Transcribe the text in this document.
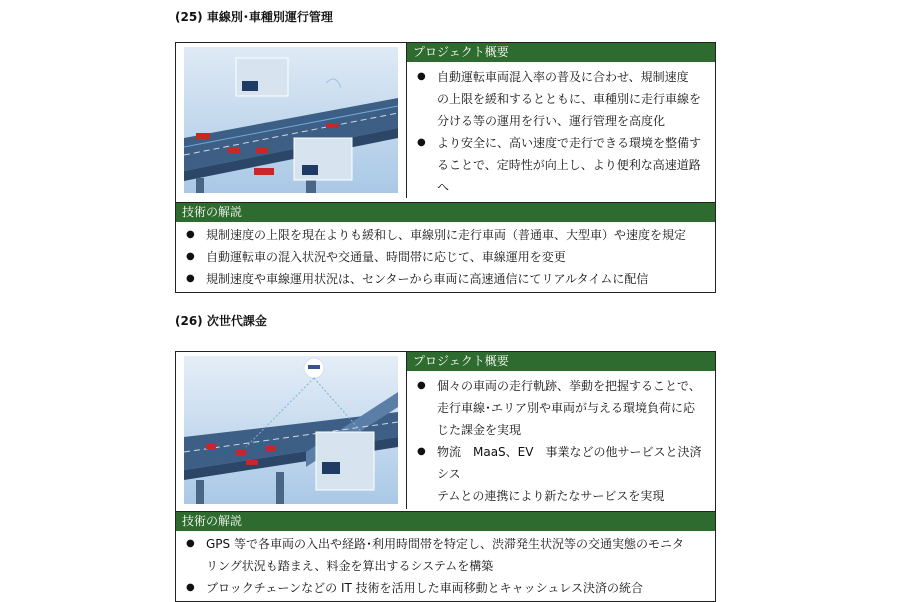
(25) 車線別･車種別運行管理
プロジェクト概要
● 自動運転車両混入率の普及に合わせ、規制速度
の上限を緩和するとともに、車種別に走行車線を
分ける等の運用を行い、運行管理を高度化
● より安全に、高い速度で走行できる環境を整備す
ることで、定時性が向上し、より便利な高速道路へ
技術の解説
● 規制速度の上限を現在よりも緩和し、車線別に走行車両（普通車、大型車）や速度を規定
● 自動運転車の混入状況や交通量、時間帯に応じて、車線運用を変更
● 規制速度や車線運用状況は、センターから車両に高速通信にてリアルタイムに配信
(26) 次世代課金
プロジェクト概要
● 個々の車両の走行軌跡、挙動を把握することで、
走行車線･エリア別や車両が与える環境負荷に応
じた課金を実現
● 物流　MaaS、EV　事業などの他サービスと決済シス
テムとの連携により新たなサービスを実現
技術の解説
● GPS 等で各車両の入出や経路･利用時間帯を特定し、渋滞発生状況等の交通実態のモニタ
リング状況も踏まえ、料金を算出するシステムを構築
● ブロックチェーンなどの IT 技術を活用した車両移動とキャッシュレス決済の統合
